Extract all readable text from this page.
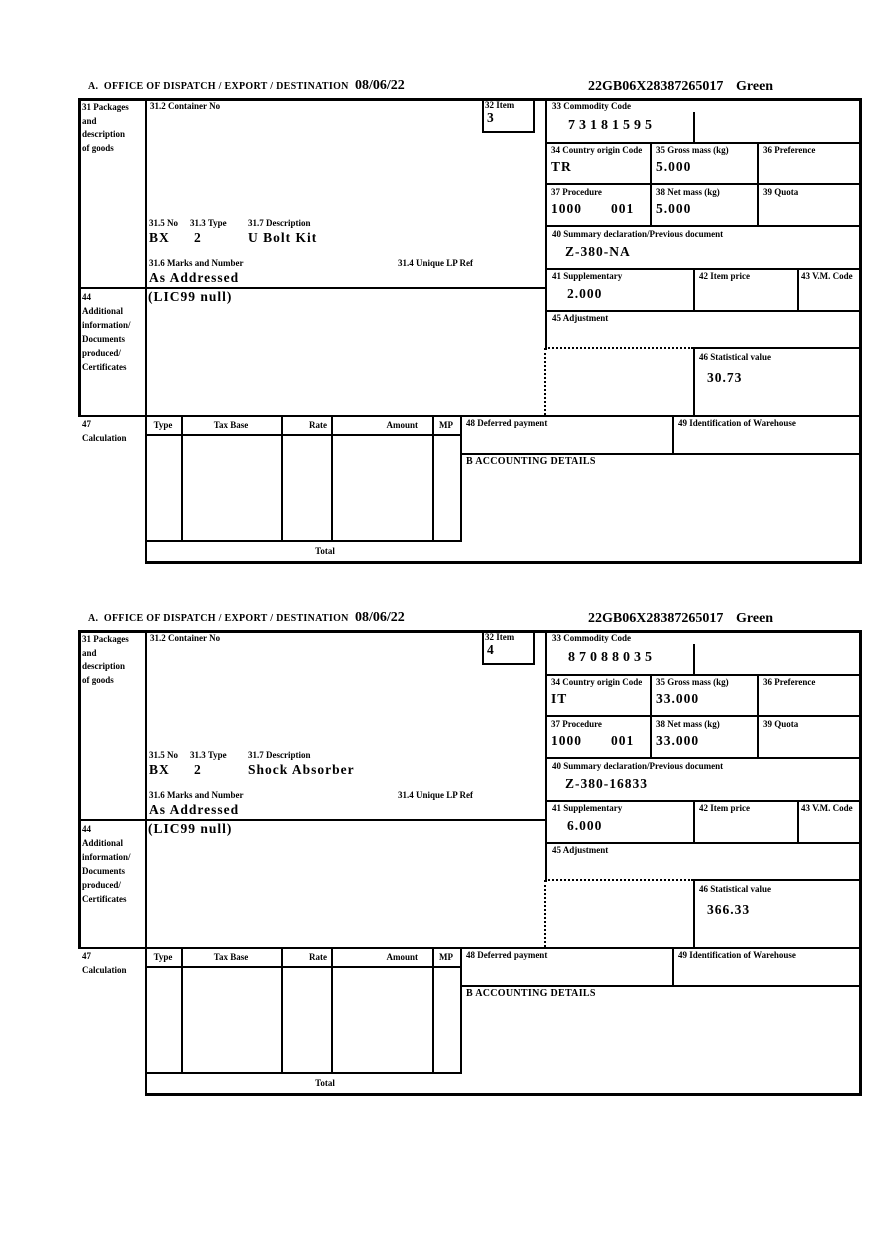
A.  OFFICE OF DISPATCH / EXPORT / DESTINATION 08/06/22	22GB06X28387265017 Green
31 Packages
and
description
of goods
44
Additional
information/
Documents
produced/
Certificates
47
Calculation
31.2 Container No	32 Item
3
31.5 No 31.3 Type 31.7 Description
BX 2	U Bolt Kit
31.6 Marks and Number	31.4 Unique LP Ref
As Addressed
(LIC99 null)
33 Commodity Code
73181595
34 Country origin Code
TR
35 Gross mass (kg)
5.000
36 Preference
37 Procedure
1000 001
38 Net mass (kg)
5.000
39 Quota
40 Summary declaration/Previous document
Z-380-NA
41 Supplementary
2.000
42 Item price	43 V.M. Code
45 Adjustment
46 Statistical value
30.73
Type	Tax Base	Rate	Amount	MP
Total
48 Deferred payment	49 Identification of Warehouse
B ACCOUNTING DETAILS
A.  OFFICE OF DISPATCH / EXPORT / DESTINATION 08/06/22	22GB06X28387265017 Green
31 Packages
and
description
of goods
44
Additional
information/
Documents
produced/
Certificates
47
Calculation
31.2 Container No	32 Item
4
31.5 No 31.3 Type 31.7 Description
BX 2	Shock Absorber
31.6 Marks and Number	31.4 Unique LP Ref
As Addressed
(LIC99 null)
33 Commodity Code
87088035
34 Country origin Code
IT
35 Gross mass (kg)
33.000
36 Preference
37 Procedure
1000 001
38 Net mass (kg)
33.000
39 Quota
40 Summary declaration/Previous document
Z-380-16833
41 Supplementary
6.000
42 Item price	43 V.M. Code
45 Adjustment
46 Statistical value
366.33
Type	Tax Base	Rate	Amount	MP
Total
48 Deferred payment	49 Identification of Warehouse
B ACCOUNTING DETAILS
